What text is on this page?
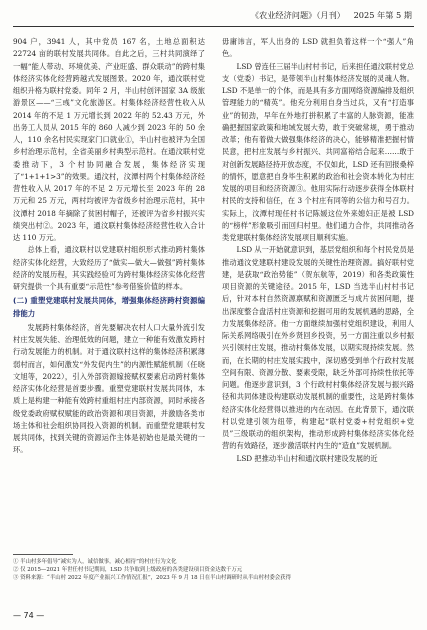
《农业经济问题》（月刊） 2025 年第 5 期

904 户，3941 人，其中党员 167 名，土地总面积达 22724 亩的联村发展共同体。自此之后，三村共同演绎了一幅“能人带动、环境优美、产业旺盛、群众联动”的跨村集体经济实体化经营跨越式发展图景。2020 年，通汶联村党组织升格为联村党委。同年 2 月，半山村创评国家 3A 级旅游景区——“三彧”文化旅游区。村集体经济经营性收入从 2014 年的不足 1 万元增长到 2022 年的 52.43 万元，外出务工人员从 2015 年的 860 人减少到 2023 年的 50 余人，110 余名村民实现家门口就业①，半山村也被评为全国乡村治理示范村，全省美丽乡村典型示范村。在通汶联村党委推动下，3 个村协同融合发展，集体经济实现了“1+1+1>3”的效果。通汶村，汶潭村两个村集体经济经营性收入从 2017 年的不足 2 万元增长至 2023 年的 28 万元和 25 万元，两村均被评为省级乡村治理示范村，其中汶潭村 2018 年摘除了贫困村帽子，还被评为省乡村振兴实绩突出村②。2023 年，通汶联村集体经济经营性收入合计达 110 万元。

总体上看，通汶联村以党建联村组织形式推动跨村集体经济实体化经营，大致经历了“做实—做大—做强”跨村集体经济的发展历程，其实践经验可为跨村集体经济实体化经营研究提供一个具有重要“示范性”参考借鉴价值的样本。

(二) 重塑党建联村发展共同体，增强集体经济跨村资源编排能力

发展跨村集体经济，首先要解决农村人口大量外流引发村庄发展失能、治理低效的问题，建立一种能有效激发跨村行动发展能力的机制。对于通汶联村这样的集体经济积累薄弱村而言，如何激发“外发促内生”的内源性赋能机制（任晓文旭等，2022），引入外部资源嫁接赋权要素启动跨村集体经济实体化经营是首要步骤。重塑党建联村发展共同体，本质上是构建一种能有效跨村重组村庄内部资源，同时承接各级党委政府赋权赋能的政治资源和项目资源，并激励各类市场主体和社会组织协同投入资源的机制。而重塑党建联村发展共同体，找到关键的资源运作主体是初始也是最关键的一环。

毋庸讳言，军人出身的 LSD 就担负着这样一个“强人”角色。

LSD 曾连任三届半山村村书记，后来担任通汶联村党总支（党委）书记，是带领半山村集体经济发展的灵魂人物。LSD 不是单一的个体，而是具有多方面网络资源编排及组织管理能力的“精英”。他充分利用自身当过兵，又有“打造事业”的韧劲，早年在外地打拼积累了丰富的人脉资源，能准确把握国家政策和地域发展大势，敢于突破常规，勇于推动改革；他有着做大做强集体经济的决心，能够精准把握村情民意，把村庄发展与乡村振兴、共同富裕结合起来……敢于对创新发展路径持开放态度，不仅如此，LSD 还有回报桑梓的情怀，愿意把自身毕生积累的政治和社会资本转化为村庄发展的项目和经济资源③。他用实际行动逐步获得全体联村村民的支持和信任，在 3 个村庄有同等的公信力和号召力。实际上，汶潭村现任村书记陈媛这位外来媳妇正是被 LSD 的“榜样”形象吸引而回归村里。他们通力合作，共同推动各类党建联村集体经济发展项目顺利实施。

LSD 从一开始就意识到，基层党组织和每个村民党员是推动通汶党建联村建设发展的关键性治理资源。搞好联村党建，是获取“政治势能”（贺东航等，2019）和各类政策性项目资源的关键途径。2015 年，LSD 当选半山村村书记后，针对本村自然资源禀赋和资源匮乏与成片贫困问题，提出深度整合盘活村庄资源和挖掘可用的发展机遇的思路，全力发展集体经济。他一方面继续加强村党组织建设，利用人际关系网络吸引在外乡贤回乡投资，另一方面注重以乡村振兴引领村庄发展，推动村集体发展，以期实现持续发展。然而，在长期的村庄发展实践中，深切感受到单个行政村发展空间有限、资源分散、要素受限，缺乏外部可持续性依托等问题。他逐步意识到，3 个行政村村集体经济发展与振兴路径和共同体建设构建联动发展机制的重要性，这是跨村集体经济实体化经营得以推进的内在动因。在此背景下，通汶联村以党建引领为纽带，构建起“联村党委+村党组织+党员”三级联动的组织架构，推动形成跨村集体经济实体化经营的有效路径，逐步激活联村内生的“造血”发展机制。

LSD 把推动半山村和通汶联村建设发展的近

① 半山村多年倡导“减实为人，诚信做事，减心相待”的村庄行为文化
② 仅 2015—2021 年世任村书记期间，LSD 共争取到上级政府的各类建设项目资金达数千万元
③ 资料来源：“半山村 2022 年度产业振兴工作情况汇报”，2023 年 9 月 18 日在半山村调研时从半山村村委会获得
— 74 —
